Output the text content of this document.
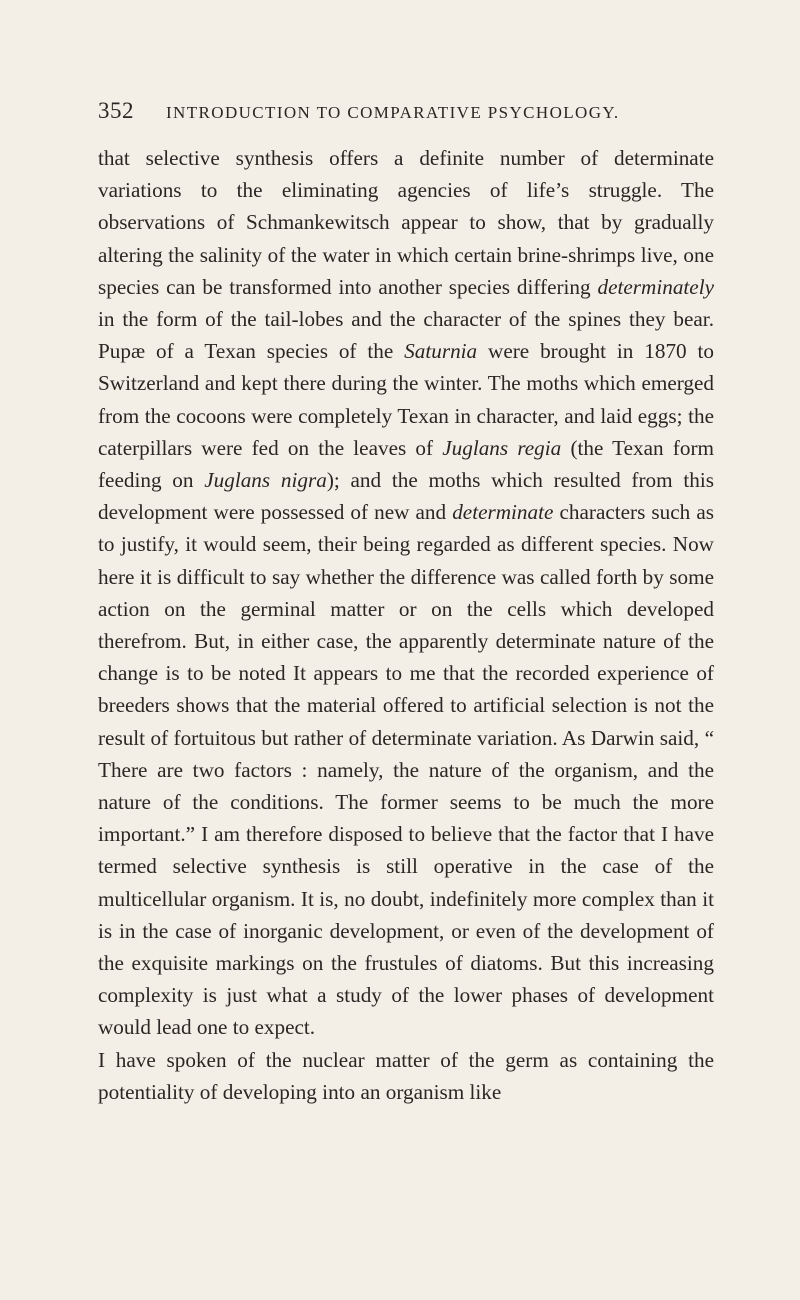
352	INTRODUCTION TO COMPARATIVE PSYCHOLOGY.

that selective synthesis offers a definite number of determinate variations to the eliminating agencies of life’s struggle. The observations of Schmankewitsch appear to show, that by gradually altering the salinity of the water in which certain brine-shrimps live, one species can be transformed into another species differing determinately in the form of the tail-lobes and the character of the spines they bear. Pupæ of a Texan species of the Saturnia were brought in 1870 to Switzerland and kept there during the winter. The moths which emerged from the cocoons were completely Texan in character, and laid eggs; the caterpillars were fed on the leaves of Juglans regia (the Texan form feeding on Juglans nigra); and the moths which resulted from this development were possessed of new and determinate characters such as to justify, it would seem, their being regarded as different species. Now here it is difficult to say whether the difference was called forth by some action on the germinal matter or on the cells which developed therefrom. But, in either case, the apparently determinate nature of the change is to be noted It appears to me that the recorded experience of breeders shows that the material offered to artificial selection is not the result of fortuitous but rather of determinate variation. As Darwin said, “ There are two factors : namely, the nature of the organism, and the nature of the conditions. The former seems to be much the more important.” I am therefore disposed to believe that the factor that I have termed selective synthesis is still operative in the case of the multicellular organism. It is, no doubt, indefinitely more complex than it is in the case of inorganic development, or even of the development of the exquisite markings on the frustules of diatoms. But this increasing complexity is just what a study of the lower phases of development would lead one to expect.

I have spoken of the nuclear matter of the germ as containing the potentiality of developing into an organism like
